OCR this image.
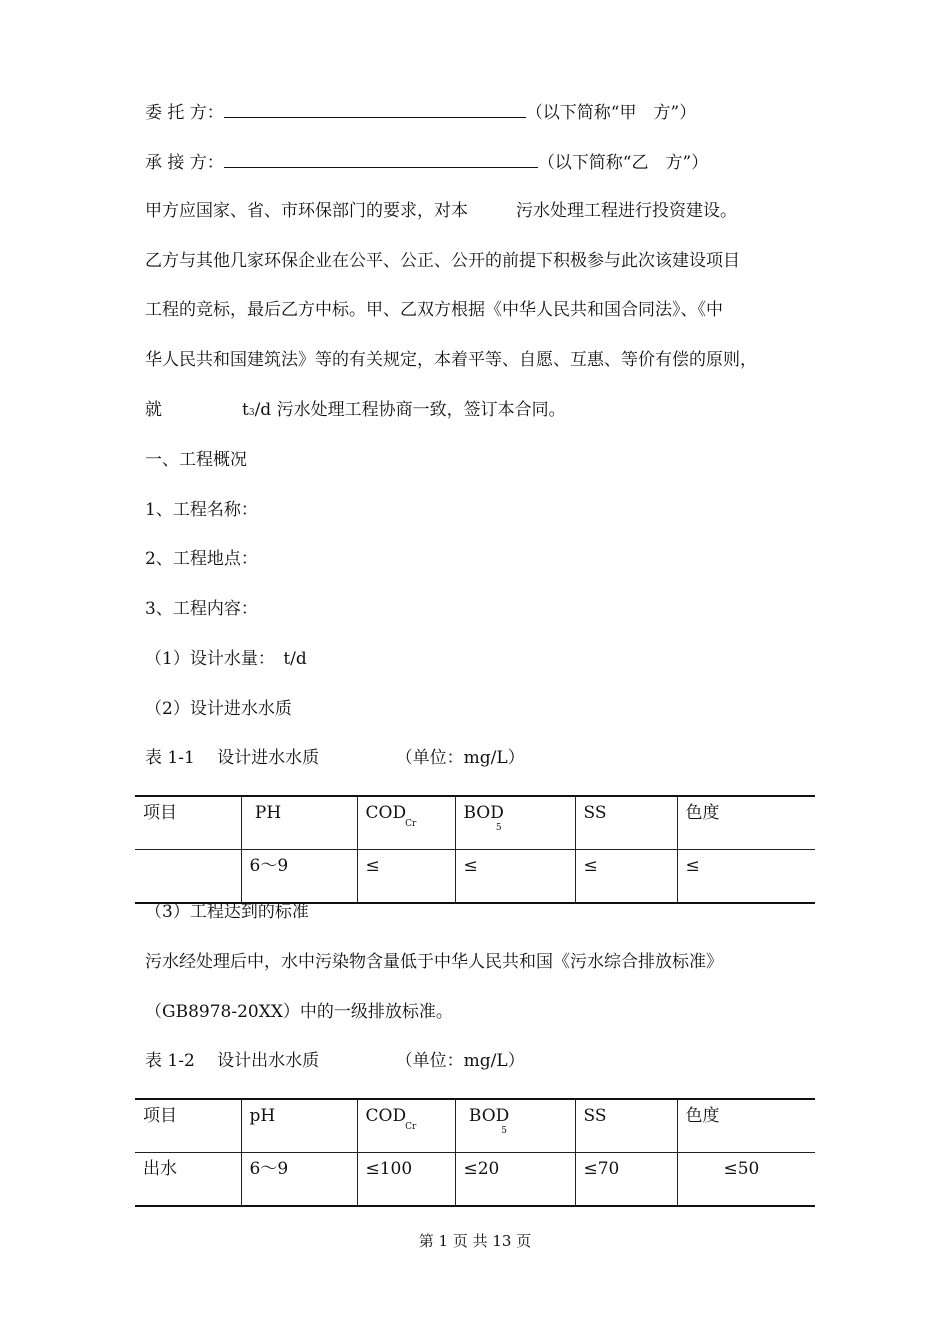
委 托 方：	（以下简称“甲　方”）
承 接 方：	（以下简称“乙　方”）
甲方应国家、省、市环保部门的要求，对本	污水处理工程进行投资建设。
乙方与其他几家环保企业在公平、公正、公开的前提下积极参与此次该建设项目
工程的竞标，最后乙方中标。甲、乙双方根据《中华人民共和国合同法》、《中
华人民共和国建筑法》等的有关规定，本着平等、自愿、互惠、等价有偿的原则，
就	t3/d 污水处理工程协商一致，签订本合同。
一、工程概况
1、工程名称：
2、工程地点：
3、工程内容：
（1）设计水量：　t/d
（2）设计进水水质
表 1-1　 设计进水水质　　　　　（单位：mg/L）
项目	PH	$COD_{Cr}$	$BOD_5$	SS	色度
	6～9	≤	≤	≤	≤
（3）工程达到的标准
污水经处理后中，水中污染物含量低于中华人民共和国《污水综合排放标准》
（GB8978-20XX）中的一级排放标准。
表 1-2　 设计出水水质　　　　　（单位：mg/L）
项目	pH	$COD_{Cr}$	$BOD_5$	SS	色度
出水	6～9	≤100	≤20	≤70	≤50
第 1 页 共 13 页
